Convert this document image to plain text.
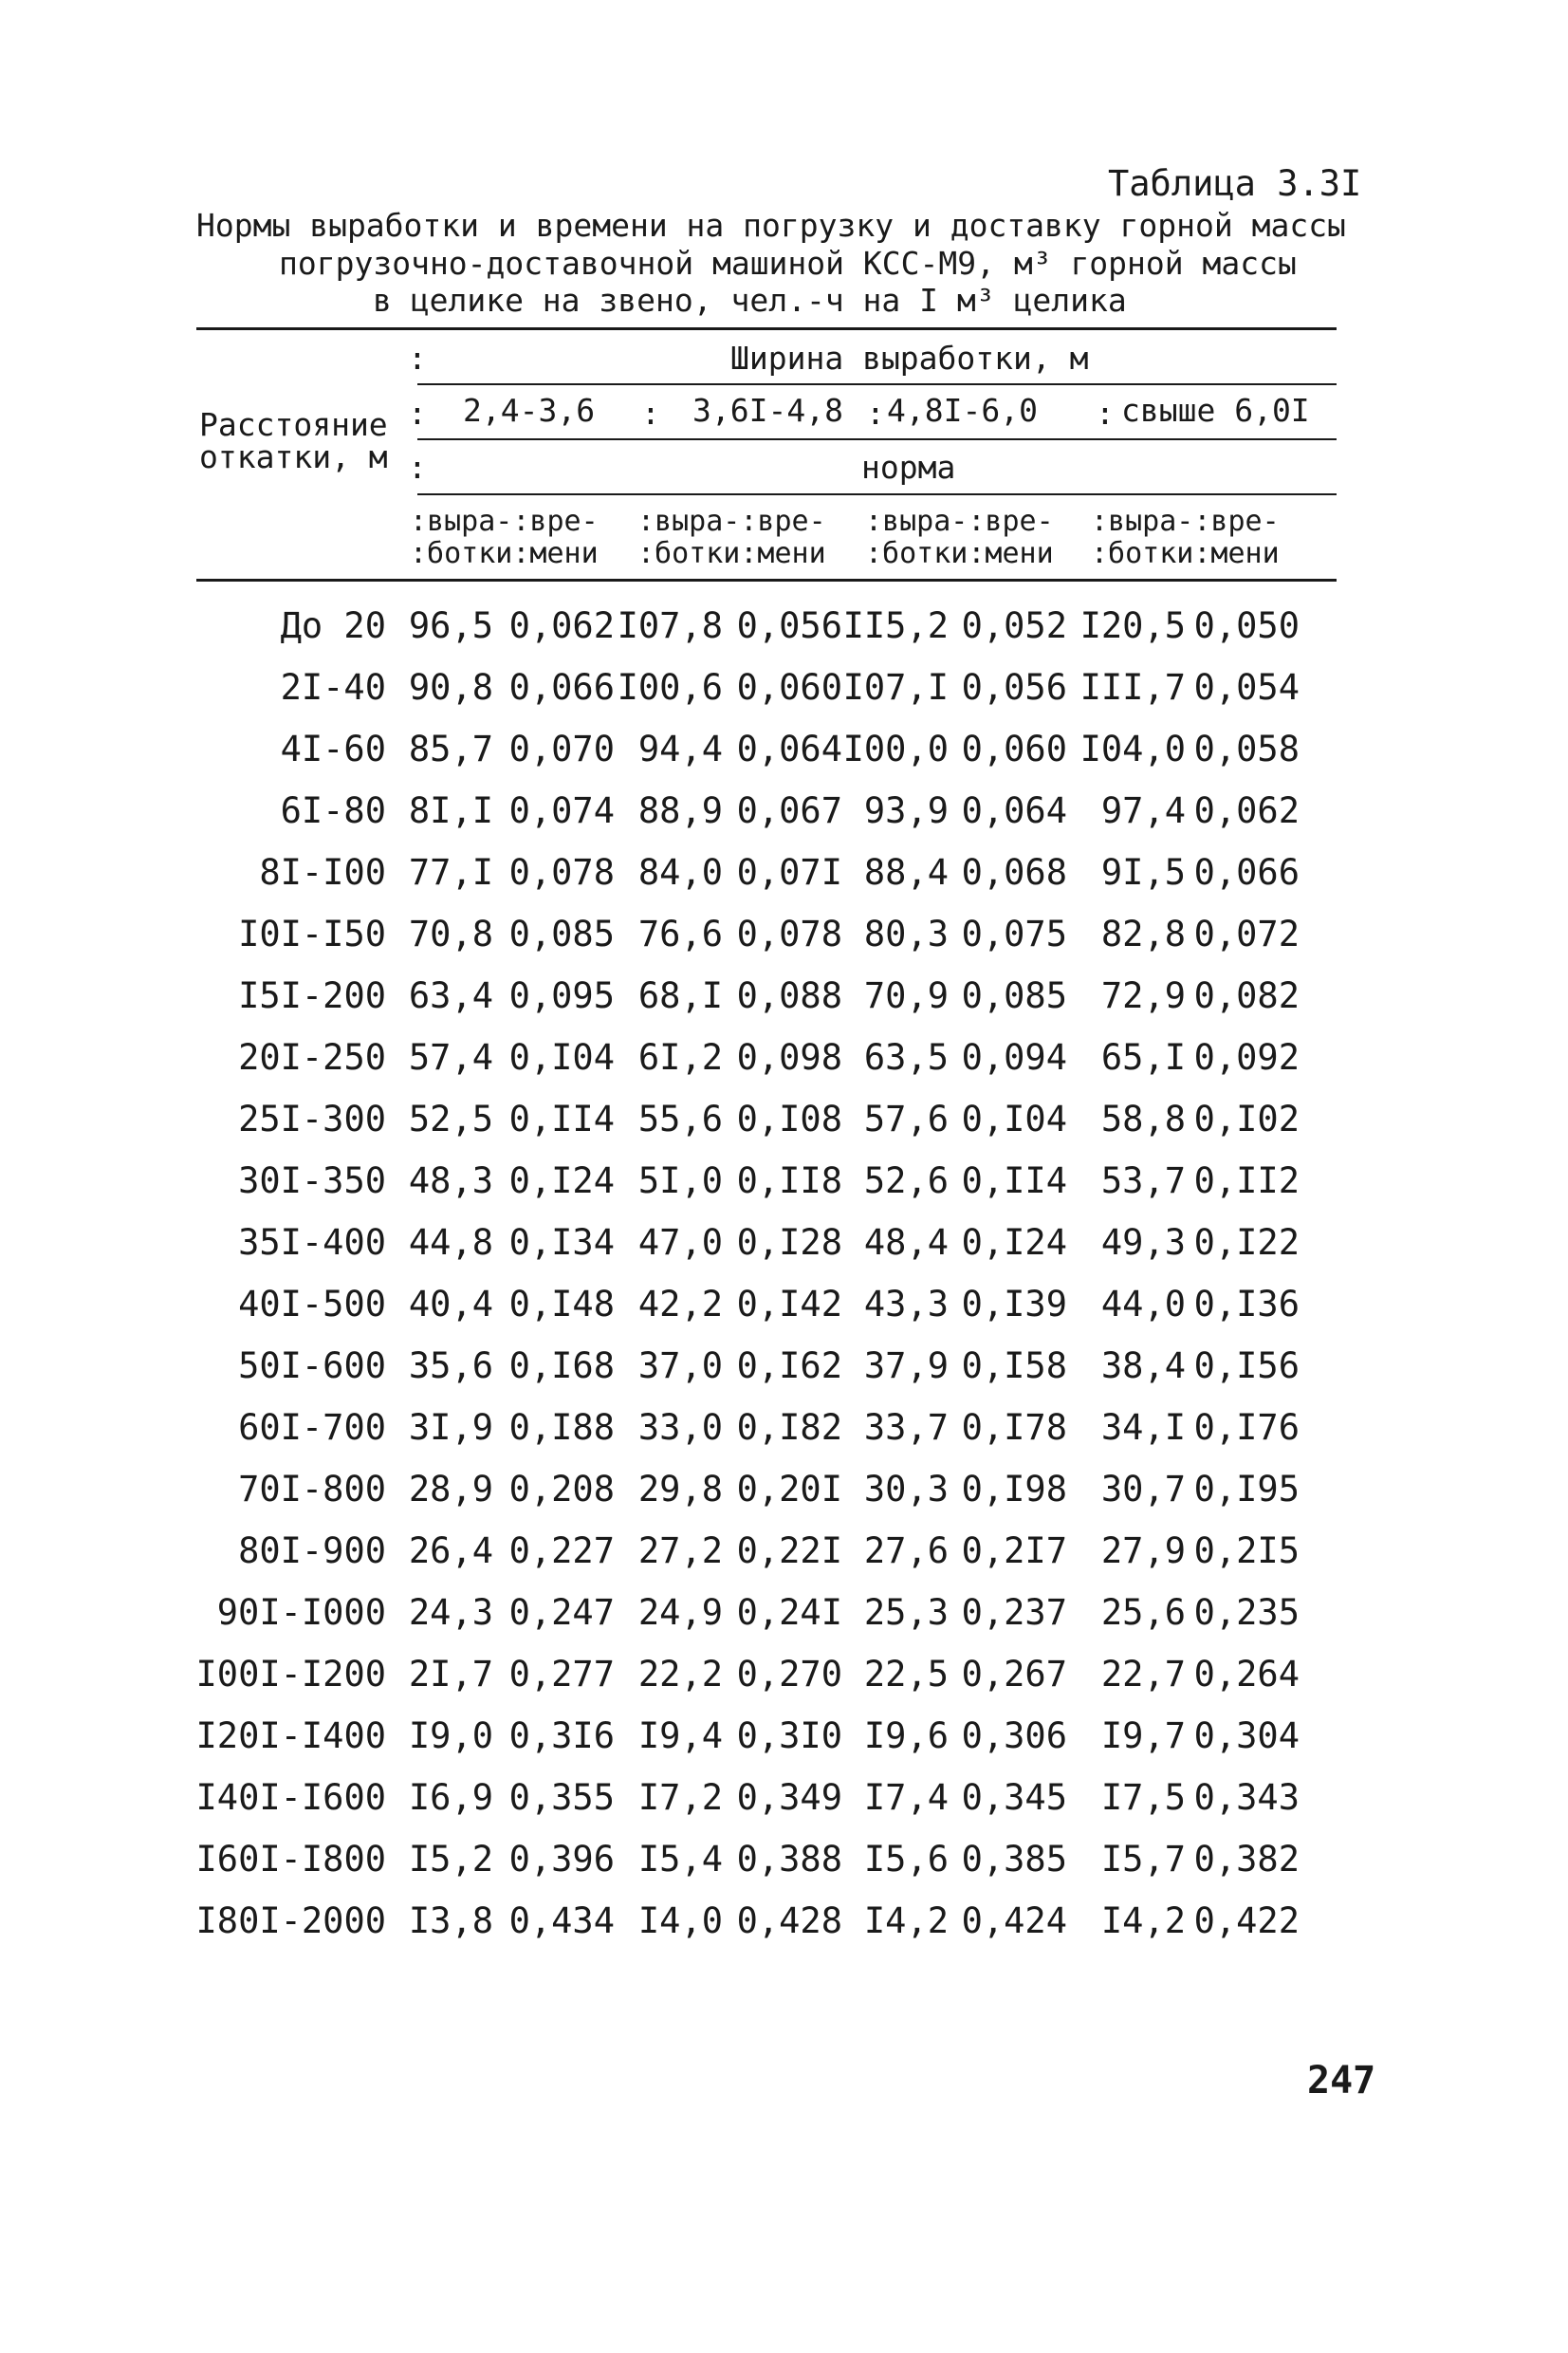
Таблица 3.3I
Нормы выработки и времени на погрузку и доставку горной массы
погрузочно-доставочной машиной КСС-М9, м³ горной массы
в целике на звено, чел.-ч на I м³ целика
Расстояние
откатки, м
:
:
:
Ширина выработки, м
2,4-3,6 : 3,6I-4,8 : 4,8I-6,0 : свыше 6,0I
норма
:выра-:вре-
:ботки:мени
:выра-:вре-
:ботки:мени
:выра-:вре-
:ботки:мени
:выра-:вре-
:ботки:мени
До 20 96,5 0,062 I07,8 0,056 II5,2 0,052 I20,5 0,050
2I-40 90,8 0,066 I00,6 0,060 I07,I 0,056 III,7 0,054
4I-60 85,7 0,070 94,4 0,064 I00,0 0,060 I04,0 0,058
6I-80 8I,I 0,074 88,9 0,067 93,9 0,064 97,4 0,062
8I-I00 77,I 0,078 84,0 0,07I 88,4 0,068 9I,5 0,066
I0I-I50 70,8 0,085 76,6 0,078 80,3 0,075 82,8 0,072
I5I-200 63,4 0,095 68,I 0,088 70,9 0,085 72,9 0,082
20I-250 57,4 0,I04 6I,2 0,098 63,5 0,094 65,I 0,092
25I-300 52,5 0,II4 55,6 0,I08 57,6 0,I04 58,8 0,I02
30I-350 48,3 0,I24 5I,0 0,II8 52,6 0,II4 53,7 0,II2
35I-400 44,8 0,I34 47,0 0,I28 48,4 0,I24 49,3 0,I22
40I-500 40,4 0,I48 42,2 0,I42 43,3 0,I39 44,0 0,I36
50I-600 35,6 0,I68 37,0 0,I62 37,9 0,I58 38,4 0,I56
60I-700 3I,9 0,I88 33,0 0,I82 33,7 0,I78 34,I 0,I76
70I-800 28,9 0,208 29,8 0,20I 30,3 0,I98 30,7 0,I95
80I-900 26,4 0,227 27,2 0,22I 27,6 0,2I7 27,9 0,2I5
90I-I000 24,3 0,247 24,9 0,24I 25,3 0,237 25,6 0,235
I00I-I200 2I,7 0,277 22,2 0,270 22,5 0,267 22,7 0,264
I20I-I400 I9,0 0,3I6 I9,4 0,3I0 I9,6 0,306 I9,7 0,304
I40I-I600 I6,9 0,355 I7,2 0,349 I7,4 0,345 I7,5 0,343
I60I-I800 I5,2 0,396 I5,4 0,388 I5,6 0,385 I5,7 0,382
I80I-2000 I3,8 0,434 I4,0 0,428 I4,2 0,424 I4,2 0,422
247
